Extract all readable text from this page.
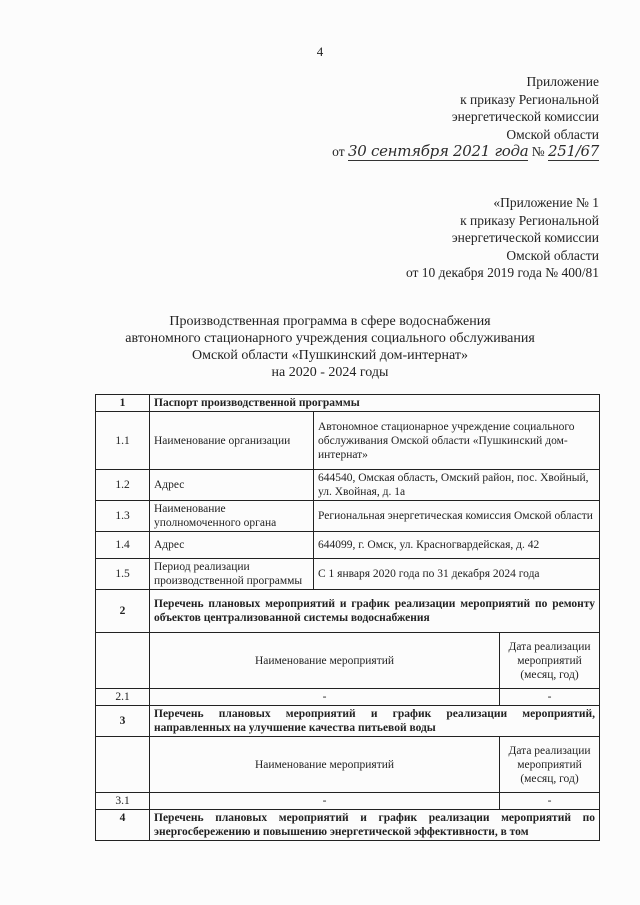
4
Приложение
к приказу Региональной
энергетической комиссии
Омской области
от 30 сентября 2021 года № 251/67
«Приложение № 1
к приказу Региональной
энергетической комиссии
Омской области
от 10 декабря 2019 года № 400/81
Производственная программа в сфере водоснабжения
автономного стационарного учреждения социального обслуживания
Омской области «Пушкинский дом-интернат»
на 2020 - 2024 годы
1	Паспорт производственной программы		
1.1	Наименование организации	Автономное стационарное учреждение социального обслуживания Омской области «Пушкинский дом-интернат»	
1.2	Адрес	644540, Омская область, Омский район, пос. Хвойный, ул. Хвойная, д. 1а	
1.3	Наименование уполномоченного органа	Региональная энергетическая комиссия Омской области	
1.4	Адрес	644099, г. Омск, ул. Красногвардейская, д. 42	
1.5	Период реализации производственной программы	С 1 января 2020 года по 31 декабря 2024 года	
2	Перечень плановых мероприятий и график реализации мероприятий по ремонту объектов централизованной системы водоснабжения		
	Наименование мероприятий		Дата реализации мероприятий (месяц, год)
2.1	-		-
3	Перечень плановых мероприятий и график реализации мероприятий, направленных на улучшение качества питьевой воды		
	Наименование мероприятий		Дата реализации мероприятий (месяц, год)
3.1	-		-
4	Перечень плановых мероприятий и график реализации мероприятий по энергосбережению и повышению энергетической эффективности, в том		
